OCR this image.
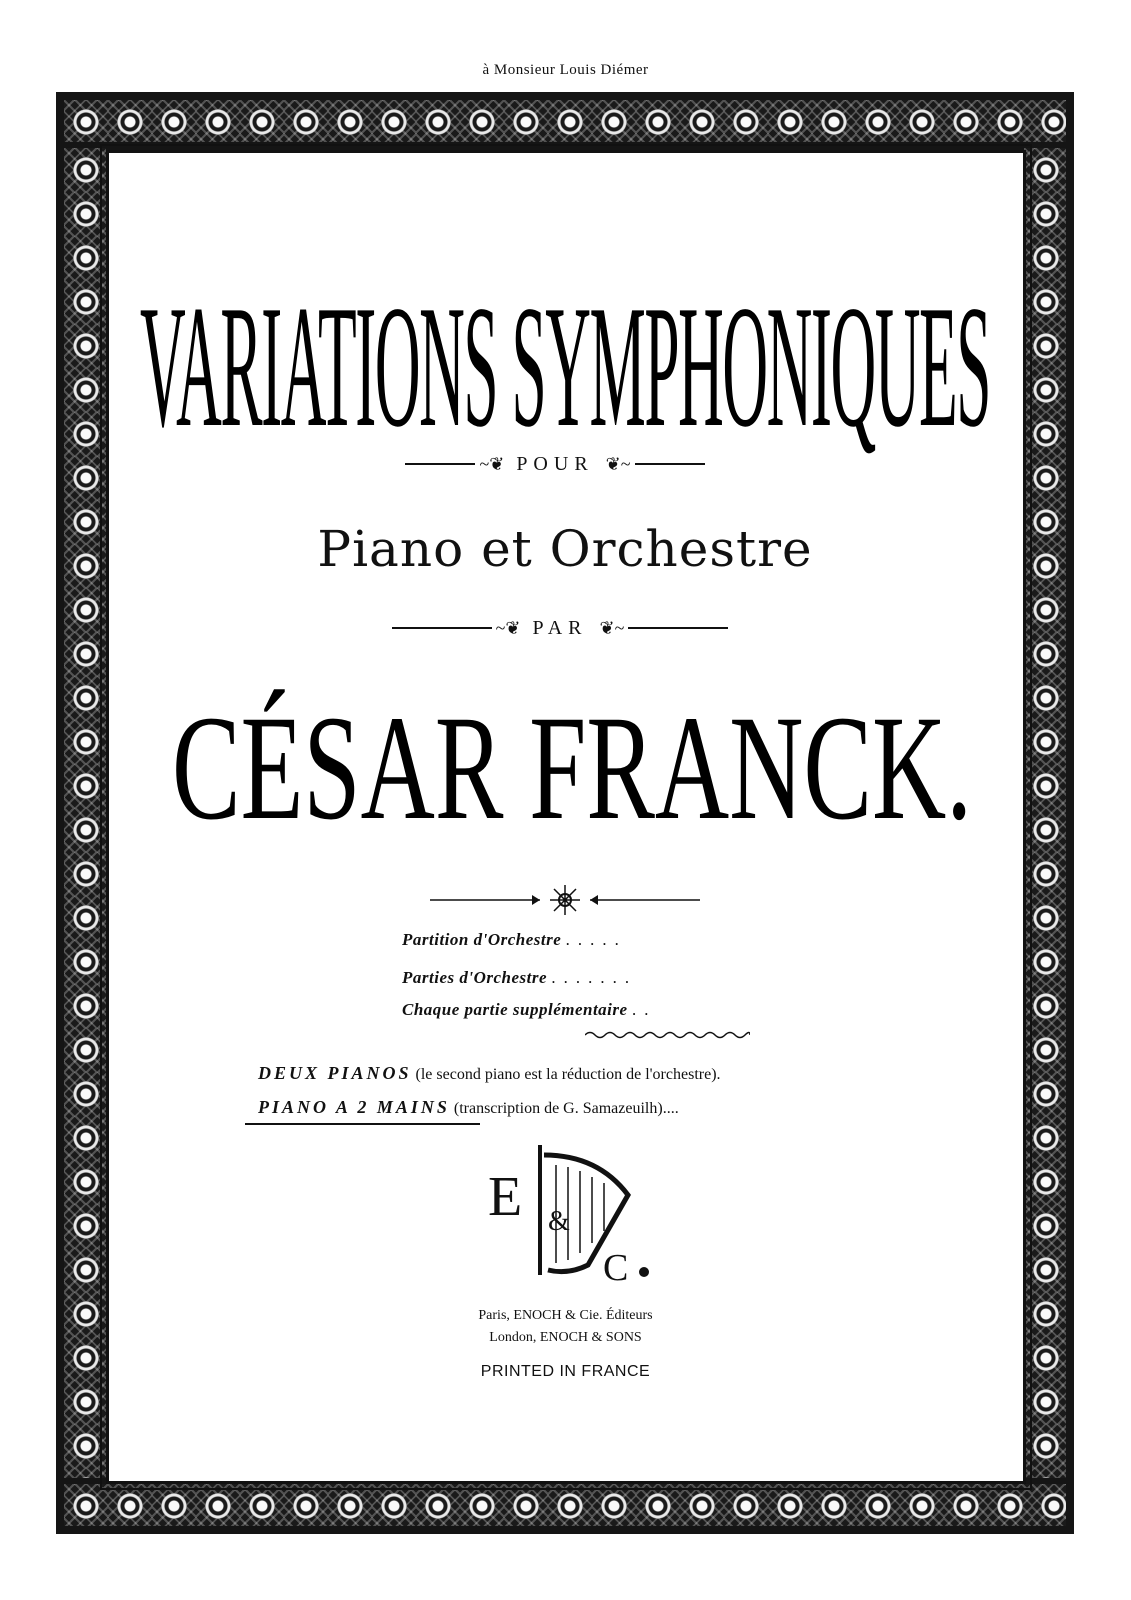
à Monsieur Louis Diémer
VARIATIONS SYMPHONIQUES
~❦ POUR ❦~
Piano et Orchestre
~❦ PAR ❦~
CÉSAR FRANCK.
Partition d'Orchestre .....
Parties d'Orchestre .......
Chaque partie supplémentaire ..
DEUX PIANOS (le second piano est la réduction de l'orchestre).
PIANO A 2 MAINS (transcription de G. Samazeuilh)....
E &
C
Paris, ENOCH & Cie. Éditeurs
London, ENOCH & SONS
PRINTED IN FRANCE
